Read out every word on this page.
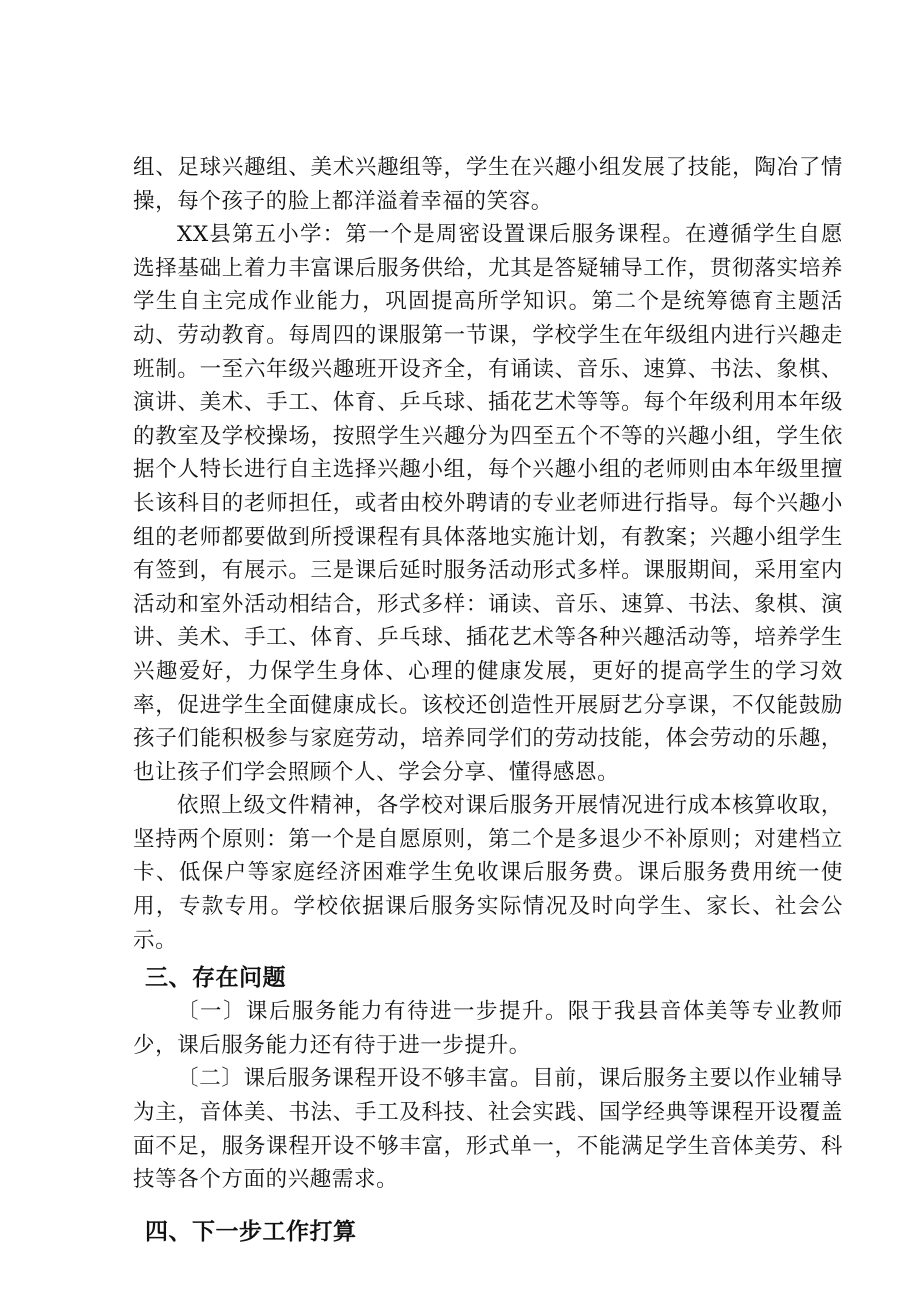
组、足球兴趣组、美术兴趣组等，学生在兴趣小组发展了技能，陶冶了情操，每个孩子的脸上都洋溢着幸福的笑容。

XX县第五小学：第一个是周密设置课后服务课程。在遵循学生自愿选择基础上着力丰富课后服务供给，尤其是答疑辅导工作，贯彻落实培养学生自主完成作业能力，巩固提高所学知识。第二个是统筹德育主题活动、劳动教育。每周四的课服第一节课，学校学生在年级组内进行兴趣走班制。一至六年级兴趣班开设齐全，有诵读、音乐、速算、书法、象棋、演讲、美术、手工、体育、乒乓球、插花艺术等等。每个年级利用本年级的教室及学校操场，按照学生兴趣分为四至五个不等的兴趣小组，学生依据个人特长进行自主选择兴趣小组，每个兴趣小组的老师则由本年级里擅长该科目的老师担任，或者由校外聘请的专业老师进行指导。每个兴趣小组的老师都要做到所授课程有具体落地实施计划，有教案；兴趣小组学生有签到，有展示。三是课后延时服务活动形式多样。课服期间，采用室内活动和室外活动相结合，形式多样：诵读、音乐、速算、书法、象棋、演讲、美术、手工、体育、乒乓球、插花艺术等各种兴趣活动等，培养学生兴趣爱好，力保学生身体、心理的健康发展，更好的提高学生的学习效率，促进学生全面健康成长。该校还创造性开展厨艺分享课，不仅能鼓励孩子们能积极参与家庭劳动，培养同学们的劳动技能，体会劳动的乐趣，也让孩子们学会照顾个人、学会分享、懂得感恩。

依照上级文件精神，各学校对课后服务开展情况进行成本核算收取，坚持两个原则：第一个是自愿原则，第二个是多退少不补原则；对建档立卡、低保户等家庭经济困难学生免收课后服务费。课后服务费用统一使用，专款专用。学校依据课后服务实际情况及时向学生、家长、社会公示。

三、存在问题

〔一〕课后服务能力有待进一步提升。限于我县音体美等专业教师少，课后服务能力还有待于进一步提升。

〔二〕课后服务课程开设不够丰富。目前，课后服务主要以作业辅导为主，音体美、书法、手工及科技、社会实践、国学经典等课程开设覆盖面不足，服务课程开设不够丰富，形式单一，不能满足学生音体美劳、科技等各个方面的兴趣需求。

四、下一步工作打算
